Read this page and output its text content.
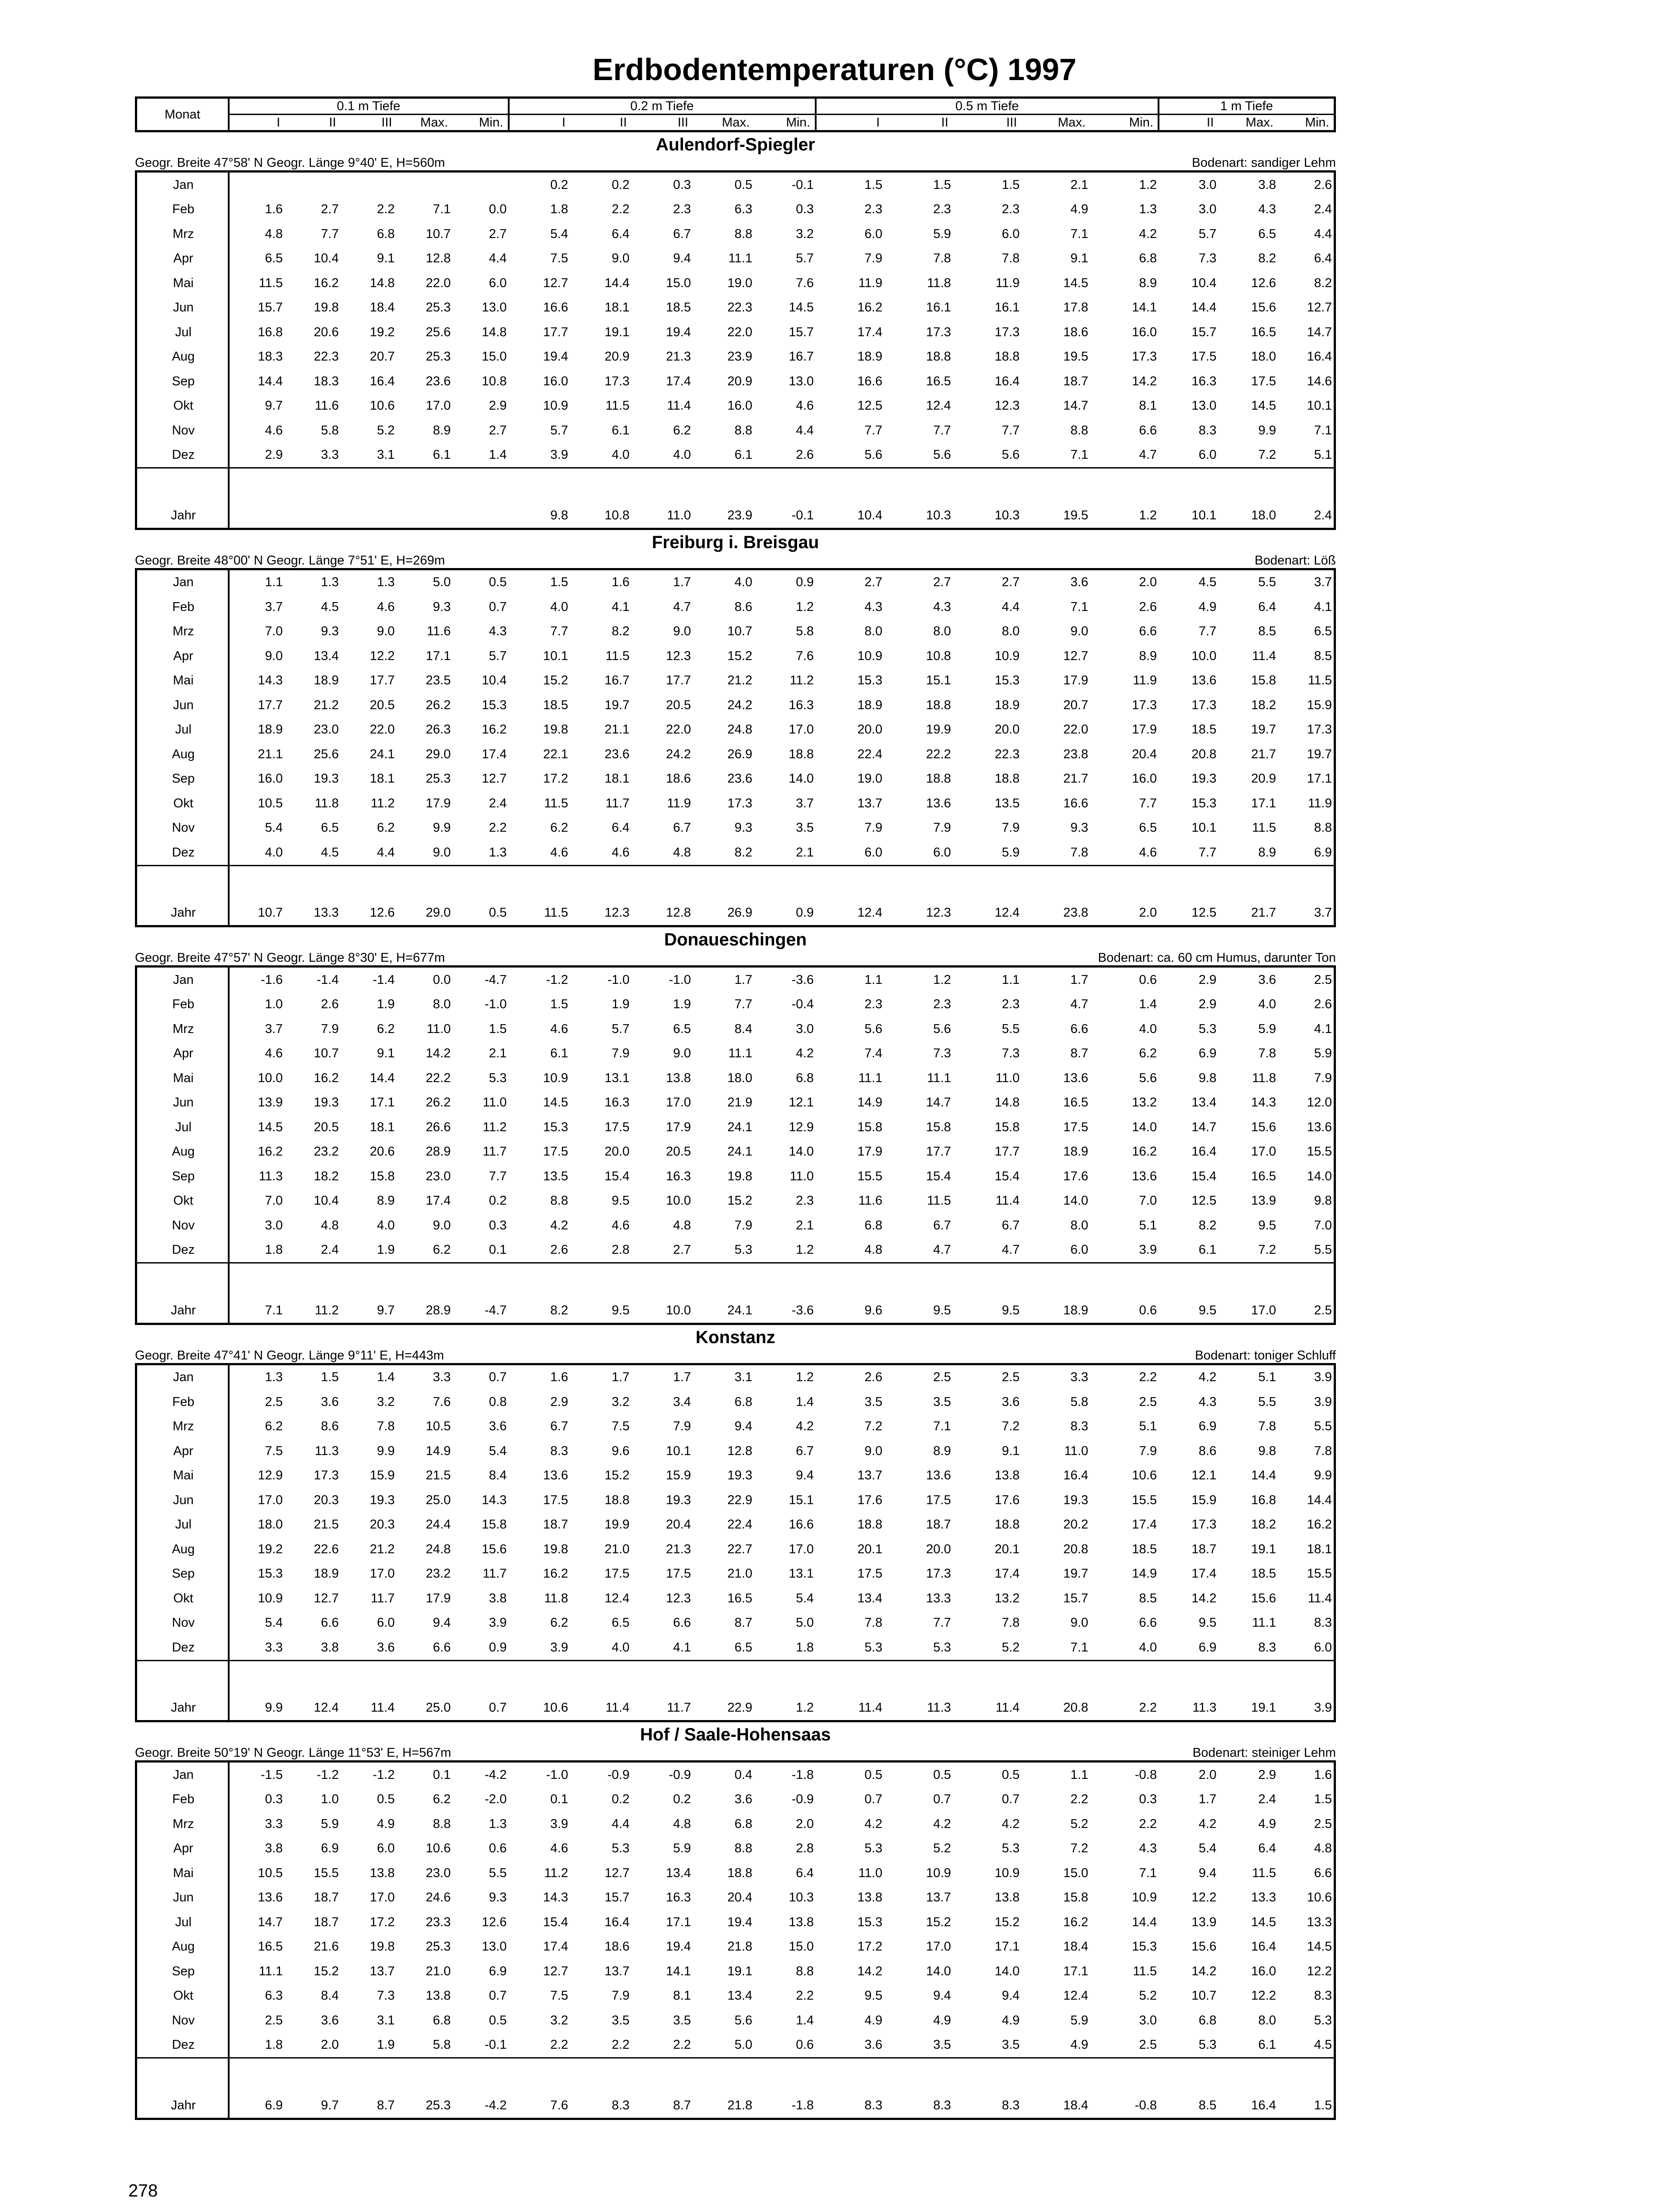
Erdbodentemperaturen (°C) 1997
Monat	0.1 m Tiefe					0.2 m Tiefe					0.5 m Tiefe					1 m Tiefe		
	I	II	III	Max.	Min.	I	II	III	Max.	Min.	I	II	III	Max.	Min.	II	Max.	Min.
Aulendorf-Spiegler
Geogr. Breite 47°58' N Geogr. Länge 9°40' E, H=560m	Bodenart: sandiger Lehm
Jan						0.2	0.2	0.3	0.5	-0.1	1.5	1.5	1.5	2.1	1.2	3.0	3.8	2.6
Feb	1.6	2.7	2.2	7.1	0.0	1.8	2.2	2.3	6.3	0.3	2.3	2.3	2.3	4.9	1.3	3.0	4.3	2.4
Mrz	4.8	7.7	6.8	10.7	2.7	5.4	6.4	6.7	8.8	3.2	6.0	5.9	6.0	7.1	4.2	5.7	6.5	4.4
Apr	6.5	10.4	9.1	12.8	4.4	7.5	9.0	9.4	11.1	5.7	7.9	7.8	7.8	9.1	6.8	7.3	8.2	6.4
Mai	11.5	16.2	14.8	22.0	6.0	12.7	14.4	15.0	19.0	7.6	11.9	11.8	11.9	14.5	8.9	10.4	12.6	8.2
Jun	15.7	19.8	18.4	25.3	13.0	16.6	18.1	18.5	22.3	14.5	16.2	16.1	16.1	17.8	14.1	14.4	15.6	12.7
Jul	16.8	20.6	19.2	25.6	14.8	17.7	19.1	19.4	22.0	15.7	17.4	17.3	17.3	18.6	16.0	15.7	16.5	14.7
Aug	18.3	22.3	20.7	25.3	15.0	19.4	20.9	21.3	23.9	16.7	18.9	18.8	18.8	19.5	17.3	17.5	18.0	16.4
Sep	14.4	18.3	16.4	23.6	10.8	16.0	17.3	17.4	20.9	13.0	16.6	16.5	16.4	18.7	14.2	16.3	17.5	14.6
Okt	9.7	11.6	10.6	17.0	2.9	10.9	11.5	11.4	16.0	4.6	12.5	12.4	12.3	14.7	8.1	13.0	14.5	10.1
Nov	4.6	5.8	5.2	8.9	2.7	5.7	6.1	6.2	8.8	4.4	7.7	7.7	7.7	8.8	6.6	8.3	9.9	7.1
Dez	2.9	3.3	3.1	6.1	1.4	3.9	4.0	4.0	6.1	2.6	5.6	5.6	5.6	7.1	4.7	6.0	7.2	5.1

Jahr						9.8	10.8	11.0	23.9	-0.1	10.4	10.3	10.3	19.5	1.2	10.1	18.0	2.4
Freiburg i. Breisgau
Geogr. Breite 48°00' N Geogr. Länge 7°51' E, H=269m	Bodenart: Löß
Jan	1.1	1.3	1.3	5.0	0.5	1.5	1.6	1.7	4.0	0.9	2.7	2.7	2.7	3.6	2.0	4.5	5.5	3.7
Feb	3.7	4.5	4.6	9.3	0.7	4.0	4.1	4.7	8.6	1.2	4.3	4.3	4.4	7.1	2.6	4.9	6.4	4.1
Mrz	7.0	9.3	9.0	11.6	4.3	7.7	8.2	9.0	10.7	5.8	8.0	8.0	8.0	9.0	6.6	7.7	8.5	6.5
Apr	9.0	13.4	12.2	17.1	5.7	10.1	11.5	12.3	15.2	7.6	10.9	10.8	10.9	12.7	8.9	10.0	11.4	8.5
Mai	14.3	18.9	17.7	23.5	10.4	15.2	16.7	17.7	21.2	11.2	15.3	15.1	15.3	17.9	11.9	13.6	15.8	11.5
Jun	17.7	21.2	20.5	26.2	15.3	18.5	19.7	20.5	24.2	16.3	18.9	18.8	18.9	20.7	17.3	17.3	18.2	15.9
Jul	18.9	23.0	22.0	26.3	16.2	19.8	21.1	22.0	24.8	17.0	20.0	19.9	20.0	22.0	17.9	18.5	19.7	17.3
Aug	21.1	25.6	24.1	29.0	17.4	22.1	23.6	24.2	26.9	18.8	22.4	22.2	22.3	23.8	20.4	20.8	21.7	19.7
Sep	16.0	19.3	18.1	25.3	12.7	17.2	18.1	18.6	23.6	14.0	19.0	18.8	18.8	21.7	16.0	19.3	20.9	17.1
Okt	10.5	11.8	11.2	17.9	2.4	11.5	11.7	11.9	17.3	3.7	13.7	13.6	13.5	16.6	7.7	15.3	17.1	11.9
Nov	5.4	6.5	6.2	9.9	2.2	6.2	6.4	6.7	9.3	3.5	7.9	7.9	7.9	9.3	6.5	10.1	11.5	8.8
Dez	4.0	4.5	4.4	9.0	1.3	4.6	4.6	4.8	8.2	2.1	6.0	6.0	5.9	7.8	4.6	7.7	8.9	6.9

Jahr	10.7	13.3	12.6	29.0	0.5	11.5	12.3	12.8	26.9	0.9	12.4	12.3	12.4	23.8	2.0	12.5	21.7	3.7
Donaueschingen
Geogr. Breite 47°57' N Geogr. Länge 8°30' E, H=677m	Bodenart: ca. 60 cm Humus, darunter Ton
Jan	-1.6	-1.4	-1.4	0.0	-4.7	-1.2	-1.0	-1.0	1.7	-3.6	1.1	1.2	1.1	1.7	0.6	2.9	3.6	2.5
Feb	1.0	2.6	1.9	8.0	-1.0	1.5	1.9	1.9	7.7	-0.4	2.3	2.3	2.3	4.7	1.4	2.9	4.0	2.6
Mrz	3.7	7.9	6.2	11.0	1.5	4.6	5.7	6.5	8.4	3.0	5.6	5.6	5.5	6.6	4.0	5.3	5.9	4.1
Apr	4.6	10.7	9.1	14.2	2.1	6.1	7.9	9.0	11.1	4.2	7.4	7.3	7.3	8.7	6.2	6.9	7.8	5.9
Mai	10.0	16.2	14.4	22.2	5.3	10.9	13.1	13.8	18.0	6.8	11.1	11.1	11.0	13.6	5.6	9.8	11.8	7.9
Jun	13.9	19.3	17.1	26.2	11.0	14.5	16.3	17.0	21.9	12.1	14.9	14.7	14.8	16.5	13.2	13.4	14.3	12.0
Jul	14.5	20.5	18.1	26.6	11.2	15.3	17.5	17.9	24.1	12.9	15.8	15.8	15.8	17.5	14.0	14.7	15.6	13.6
Aug	16.2	23.2	20.6	28.9	11.7	17.5	20.0	20.5	24.1	14.0	17.9	17.7	17.7	18.9	16.2	16.4	17.0	15.5
Sep	11.3	18.2	15.8	23.0	7.7	13.5	15.4	16.3	19.8	11.0	15.5	15.4	15.4	17.6	13.6	15.4	16.5	14.0
Okt	7.0	10.4	8.9	17.4	0.2	8.8	9.5	10.0	15.2	2.3	11.6	11.5	11.4	14.0	7.0	12.5	13.9	9.8
Nov	3.0	4.8	4.0	9.0	0.3	4.2	4.6	4.8	7.9	2.1	6.8	6.7	6.7	8.0	5.1	8.2	9.5	7.0
Dez	1.8	2.4	1.9	6.2	0.1	2.6	2.8	2.7	5.3	1.2	4.8	4.7	4.7	6.0	3.9	6.1	7.2	5.5

Jahr	7.1	11.2	9.7	28.9	-4.7	8.2	9.5	10.0	24.1	-3.6	9.6	9.5	9.5	18.9	0.6	9.5	17.0	2.5
Konstanz
Geogr. Breite 47°41' N Geogr. Länge 9°11' E, H=443m	Bodenart: toniger Schluff
Jan	1.3	1.5	1.4	3.3	0.7	1.6	1.7	1.7	3.1	1.2	2.6	2.5	2.5	3.3	2.2	4.2	5.1	3.9
Feb	2.5	3.6	3.2	7.6	0.8	2.9	3.2	3.4	6.8	1.4	3.5	3.5	3.6	5.8	2.5	4.3	5.5	3.9
Mrz	6.2	8.6	7.8	10.5	3.6	6.7	7.5	7.9	9.4	4.2	7.2	7.1	7.2	8.3	5.1	6.9	7.8	5.5
Apr	7.5	11.3	9.9	14.9	5.4	8.3	9.6	10.1	12.8	6.7	9.0	8.9	9.1	11.0	7.9	8.6	9.8	7.8
Mai	12.9	17.3	15.9	21.5	8.4	13.6	15.2	15.9	19.3	9.4	13.7	13.6	13.8	16.4	10.6	12.1	14.4	9.9
Jun	17.0	20.3	19.3	25.0	14.3	17.5	18.8	19.3	22.9	15.1	17.6	17.5	17.6	19.3	15.5	15.9	16.8	14.4
Jul	18.0	21.5	20.3	24.4	15.8	18.7	19.9	20.4	22.4	16.6	18.8	18.7	18.8	20.2	17.4	17.3	18.2	16.2
Aug	19.2	22.6	21.2	24.8	15.6	19.8	21.0	21.3	22.7	17.0	20.1	20.0	20.1	20.8	18.5	18.7	19.1	18.1
Sep	15.3	18.9	17.0	23.2	11.7	16.2	17.5	17.5	21.0	13.1	17.5	17.3	17.4	19.7	14.9	17.4	18.5	15.5
Okt	10.9	12.7	11.7	17.9	3.8	11.8	12.4	12.3	16.5	5.4	13.4	13.3	13.2	15.7	8.5	14.2	15.6	11.4
Nov	5.4	6.6	6.0	9.4	3.9	6.2	6.5	6.6	8.7	5.0	7.8	7.7	7.8	9.0	6.6	9.5	11.1	8.3
Dez	3.3	3.8	3.6	6.6	0.9	3.9	4.0	4.1	6.5	1.8	5.3	5.3	5.2	7.1	4.0	6.9	8.3	6.0

Jahr	9.9	12.4	11.4	25.0	0.7	10.6	11.4	11.7	22.9	1.2	11.4	11.3	11.4	20.8	2.2	11.3	19.1	3.9
Hof / Saale-Hohensaas
Geogr. Breite 50°19' N Geogr. Länge 11°53' E, H=567m	Bodenart: steiniger Lehm
Jan	-1.5	-1.2	-1.2	0.1	-4.2	-1.0	-0.9	-0.9	0.4	-1.8	0.5	0.5	0.5	1.1	-0.8	2.0	2.9	1.6
Feb	0.3	1.0	0.5	6.2	-2.0	0.1	0.2	0.2	3.6	-0.9	0.7	0.7	0.7	2.2	0.3	1.7	2.4	1.5
Mrz	3.3	5.9	4.9	8.8	1.3	3.9	4.4	4.8	6.8	2.0	4.2	4.2	4.2	5.2	2.2	4.2	4.9	2.5
Apr	3.8	6.9	6.0	10.6	0.6	4.6	5.3	5.9	8.8	2.8	5.3	5.2	5.3	7.2	4.3	5.4	6.4	4.8
Mai	10.5	15.5	13.8	23.0	5.5	11.2	12.7	13.4	18.8	6.4	11.0	10.9	10.9	15.0	7.1	9.4	11.5	6.6
Jun	13.6	18.7	17.0	24.6	9.3	14.3	15.7	16.3	20.4	10.3	13.8	13.7	13.8	15.8	10.9	12.2	13.3	10.6
Jul	14.7	18.7	17.2	23.3	12.6	15.4	16.4	17.1	19.4	13.8	15.3	15.2	15.2	16.2	14.4	13.9	14.5	13.3
Aug	16.5	21.6	19.8	25.3	13.0	17.4	18.6	19.4	21.8	15.0	17.2	17.0	17.1	18.4	15.3	15.6	16.4	14.5
Sep	11.1	15.2	13.7	21.0	6.9	12.7	13.7	14.1	19.1	8.8	14.2	14.0	14.0	17.1	11.5	14.2	16.0	12.2
Okt	6.3	8.4	7.3	13.8	0.7	7.5	7.9	8.1	13.4	2.2	9.5	9.4	9.4	12.4	5.2	10.7	12.2	8.3
Nov	2.5	3.6	3.1	6.8	0.5	3.2	3.5	3.5	5.6	1.4	4.9	4.9	4.9	5.9	3.0	6.8	8.0	5.3
Dez	1.8	2.0	1.9	5.8	-0.1	2.2	2.2	2.2	5.0	0.6	3.6	3.5	3.5	4.9	2.5	5.3	6.1	4.5

Jahr	6.9	9.7	8.7	25.3	-4.2	7.6	8.3	8.7	21.8	-1.8	8.3	8.3	8.3	18.4	-0.8	8.5	16.4	1.5
278
